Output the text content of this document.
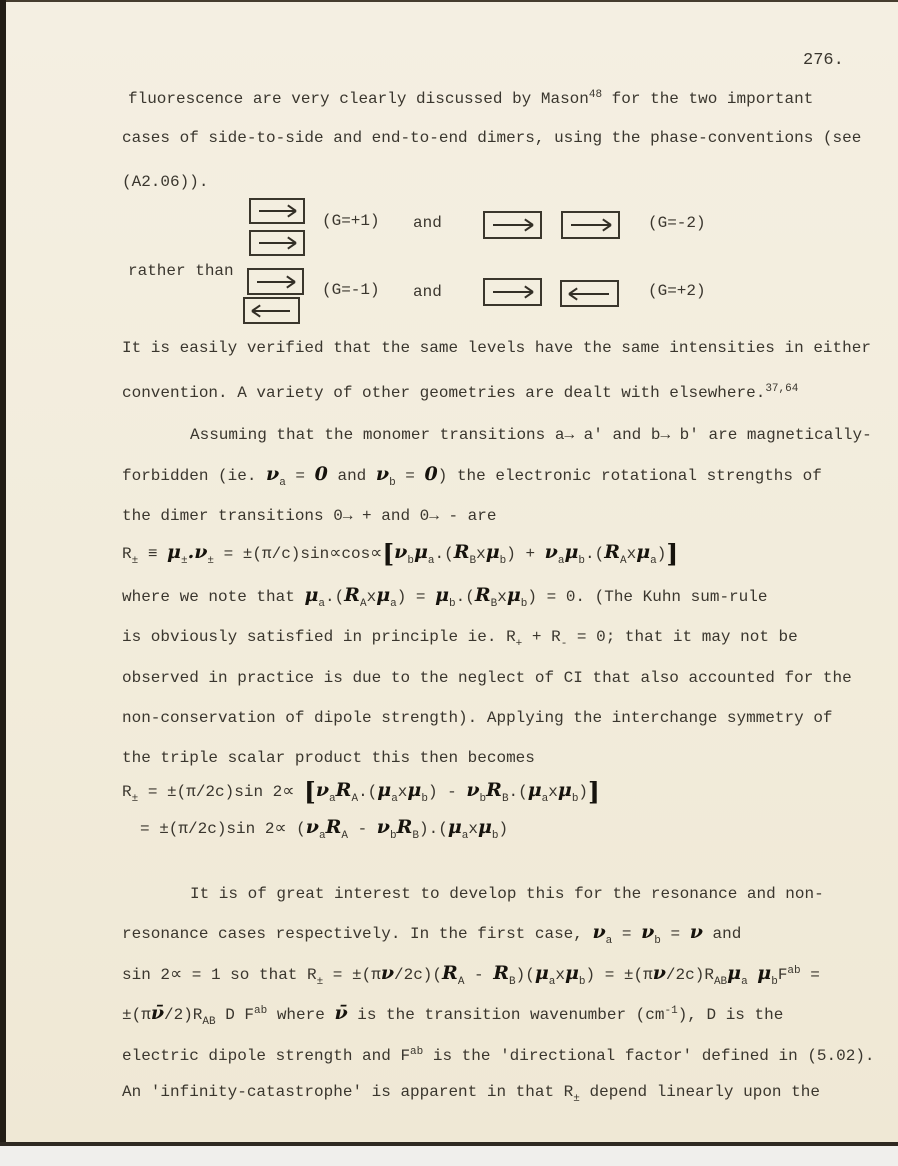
(G=+1) and	(G=-2)
rather than
(G=-1) and	(G=+2)
fluorescence are very clearly discussed by Mason$^{48}$ for the two important
cases of side-to-side and end-to-end dimers, using the phase-conventions (see
(A2.06)).
It is easily verified that the same levels have the same intensities in either
convention. A variety of other geometries are dealt with elsewhere.$^{37,64}$
Assuming that the monomer transitions a→ a' and b→ b' are magnetically-
forbidden (ie. $\nu_a = 0$ and $\nu_b = 0$) the electronic rotational strengths of
the dimer transitions 0→ + and 0→ - are
$R_\pm \equiv \mu_\pm.\nu_\pm = \pm(\pi/c)\sin\propto\cos\propto[\nu_b\mu_a.(R_Bx\mu_b) + \nu_a\mu_b.(R_Ax\mu_a)]$
where we note that $\mu_a.(R_Ax\mu_a) = \mu_b.(R_Bx\mu_b) = 0$. (The Kuhn sum-rule
is obviously satisfied in principle ie. $R_+ + R_- = 0$; that it may not be
observed in practice is due to the neglect of CI that also accounted for the
non-conservation of dipole strength). Applying the interchange symmetry of
the triple scalar product this then becomes
$R_\pm = \pm(\pi/2c)\sin$ $2\propto [\nu_aR_A.(\mu_ax\mu_b) - \nu_bR_B.(\mu_ax\mu_b)]$
= ±(π/2c)sin $2\propto (\nu_aR_A - \nu_bR_B).(\mu_ax\mu_b)$
It is of great interest to develop this for the resonance and non-
resonance cases respectively. In the first case, $\nu_a = \nu_b = \nu$ and
sin 2∝ = 1 so that $R_\pm = \pm(\pi\nu/2c)(R_A - R_B)(\mu_ax\mu_b) = \pm(\pi\nu/2c)R_{AB}\mu_a$ $\mu_bF^{ab}$ =
$\pm(\pi\nū/2)R_{AB}$ D $F^{ab}$ where ν̄ is the transition wavenumber $(cm^{-1})$, D is the
electric dipole strength and $F^{ab}$ is the 'directional factor' defined in (5.02).
An 'infinity-catastrophe' is apparent in that $R_\pm$ depend linearly upon the
276.
